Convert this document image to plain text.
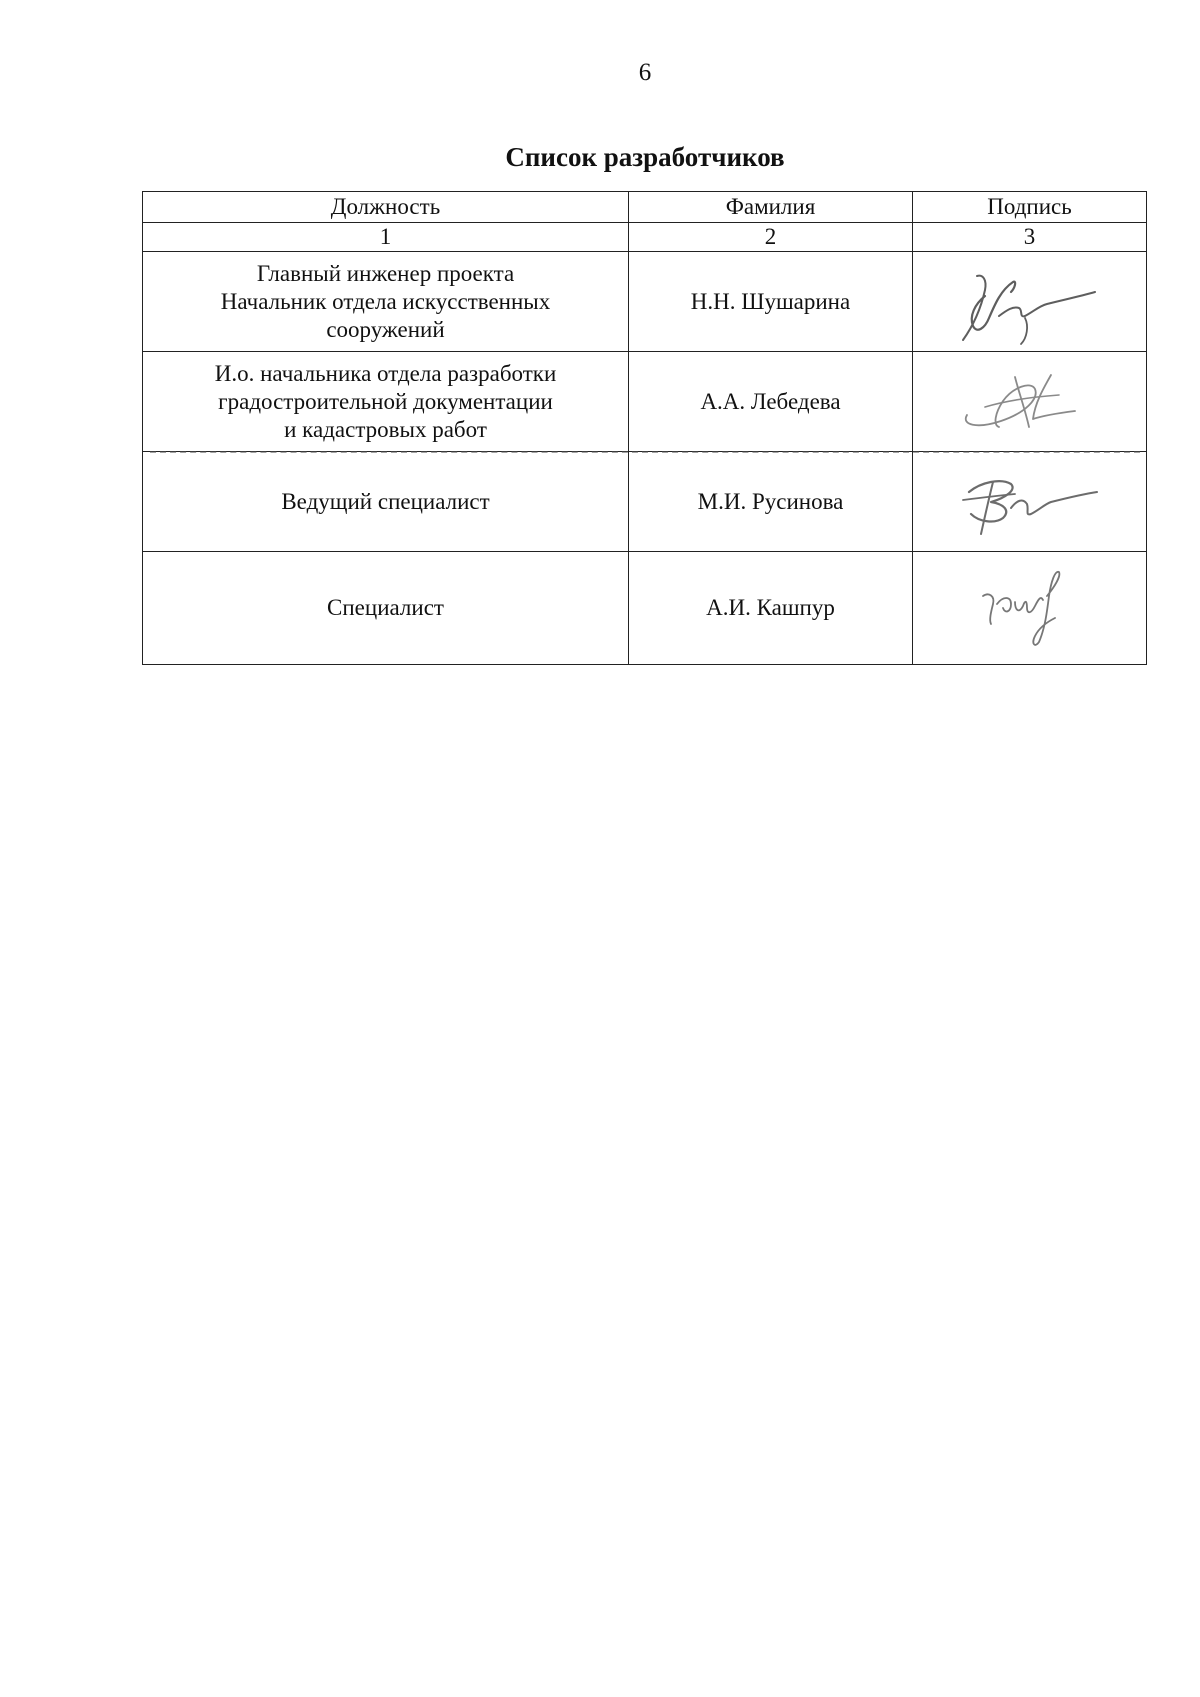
6
Список разработчиков
Должность	Фамилия	Подпись
1	2	3

Главный инженер проекта
Начальник отдела искусственных
сооружений	Н.Н. Шушарина	

И.о. начальника отдела разработки
градостроительной документации
и кадастровых работ	А.А. Лебедева	

Ведущий специалист	М.И. Русинова	

Специалист	А.И. Кашпур	
